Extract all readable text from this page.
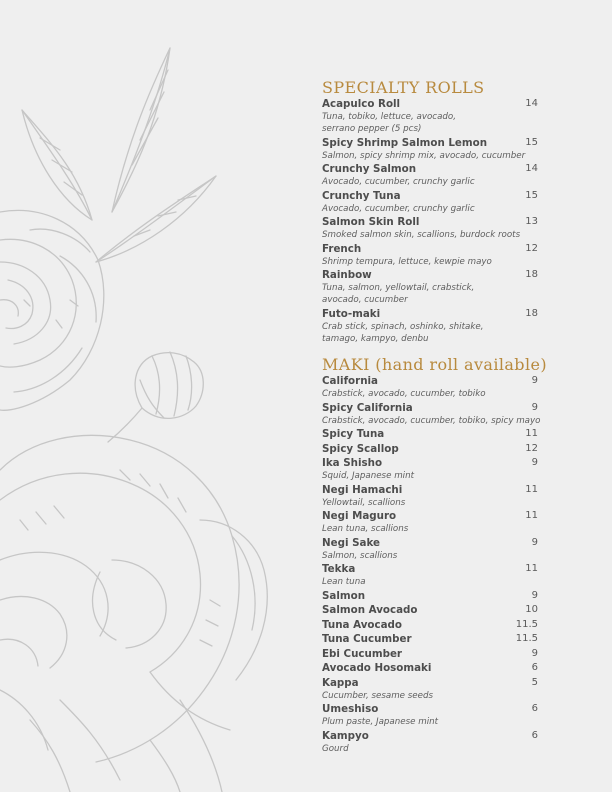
SPECIALTY ROLLS
Acapulco Roll	14
Tuna, tobiko, lettuce, avocado,
serrano pepper (5 pcs)
Spicy Shrimp Salmon Lemon	15
Salmon, spicy shrimp mix, avocado, cucumber
Crunchy Salmon	14
Avocado, cucumber, crunchy garlic
Crunchy Tuna	15
Avocado, cucumber, crunchy garlic
Salmon Skin Roll	13
Smoked salmon skin, scallions, burdock roots
French	12
Shrimp tempura, lettuce, kewpie mayo
Rainbow	18
Tuna, salmon, yellowtail, crabstick,
avocado, cucumber
Futo-maki	18
Crab stick, spinach, oshinko, shitake,
tamago, kampyo, denbu
MAKI (hand roll available)
California	9
Crabstick, avocado, cucumber, tobiko
Spicy California	9
Crabstick, avocado, cucumber, tobiko, spicy mayo
Spicy Tuna	11
Spicy Scallop	12
Ika Shisho	9
Squid, Japanese mint
Negi Hamachi	11
Yellowtail, scallions
Negi Maguro	11
Lean tuna, scallions
Negi Sake	9
Salmon, scallions
Tekka	11
Lean tuna
Salmon	9
Salmon Avocado	10
Tuna Avocado	11.5
Tuna Cucumber	11.5
Ebi Cucumber	9
Avocado Hosomaki	6
Kappa	5
Cucumber, sesame seeds
Umeshiso	6
Plum paste, Japanese mint
Kampyo	6
Gourd
